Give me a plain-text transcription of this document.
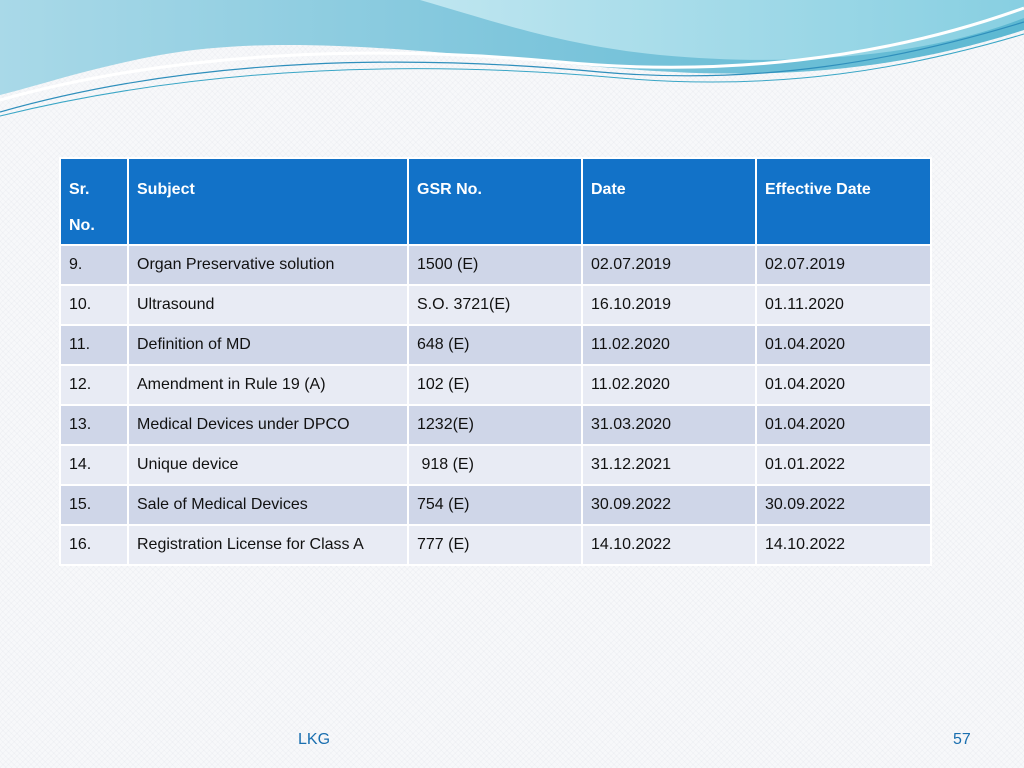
Sr.
No.	Subject	GSR No.	Date	Effective Date

9.	Organ Preservative solution	1500 (E)	02.07.2019	02.07.2019
10.	Ultrasound	S.O. 3721(E)	16.10.2019	01.11.2020
11.	Definition of MD	648 (E)	11.02.2020	01.04.2020
12.	Amendment in Rule 19 (A)	102 (E)	11.02.2020	01.04.2020
13.	Medical Devices under DPCO	1232(E)	31.03.2020	01.04.2020
14.	Unique device	918 (E)	31.12.2021	01.01.2022
15.	Sale of Medical Devices	754 (E)	30.09.2022	30.09.2022
16.	Registration License for Class A	777 (E)	14.10.2022	14.10.2022
LKG	57
